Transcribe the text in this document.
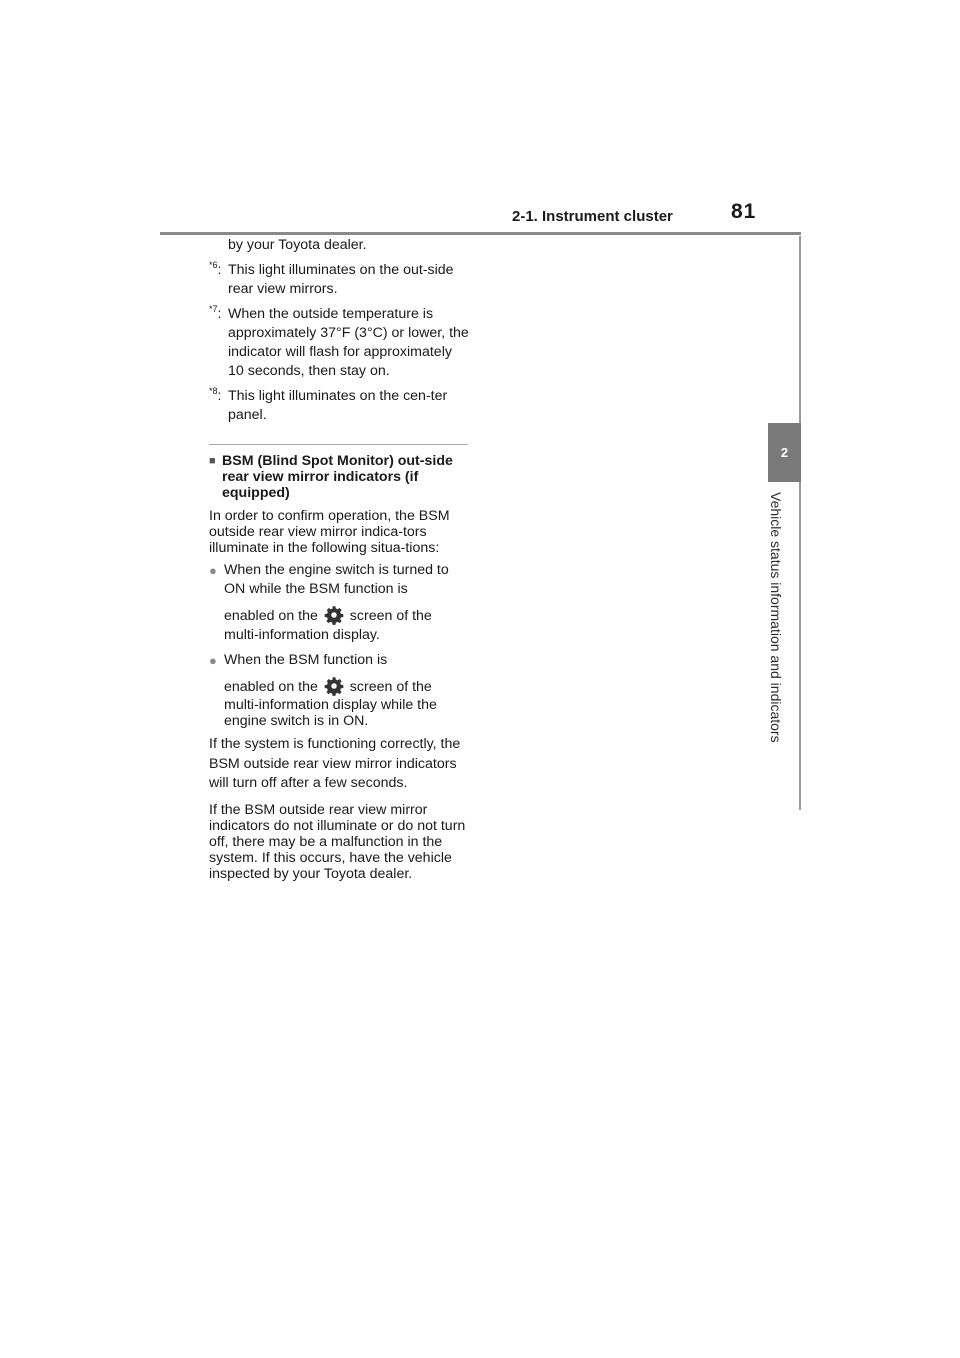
2-1. Instrument cluster	81
2
Vehicle status information and indicators
by your Toyota dealer.
$^{*6}$: This light illuminates on the out-side rear view mirrors.
$^{*7}$: When the outside temperature is approximately 37°F (3°C) or lower, the indicator will flash for approximately 10 seconds, then stay on.
$^{*8}$: This light illuminates on the cen-ter panel.
■ BSM (Blind Spot Monitor) out-side rear view mirror indicators (if equipped)
In order to confirm operation, the BSM outside rear view mirror indica-tors illuminate in the following situa-tions:
● When the engine switch is turned to ON while the BSM function is
enabled on the screen of the
multi-information display.
● When the BSM function is
enabled on the screen of the
multi-information display while the engine switch is in ON.
If the system is functioning correctly, the BSM outside rear view mirror indicators will turn off after a few seconds.
If the BSM outside rear view mirror indicators do not illuminate or do not turn off, there may be a malfunction in the system. If this occurs, have the vehicle inspected by your Toyota dealer.
